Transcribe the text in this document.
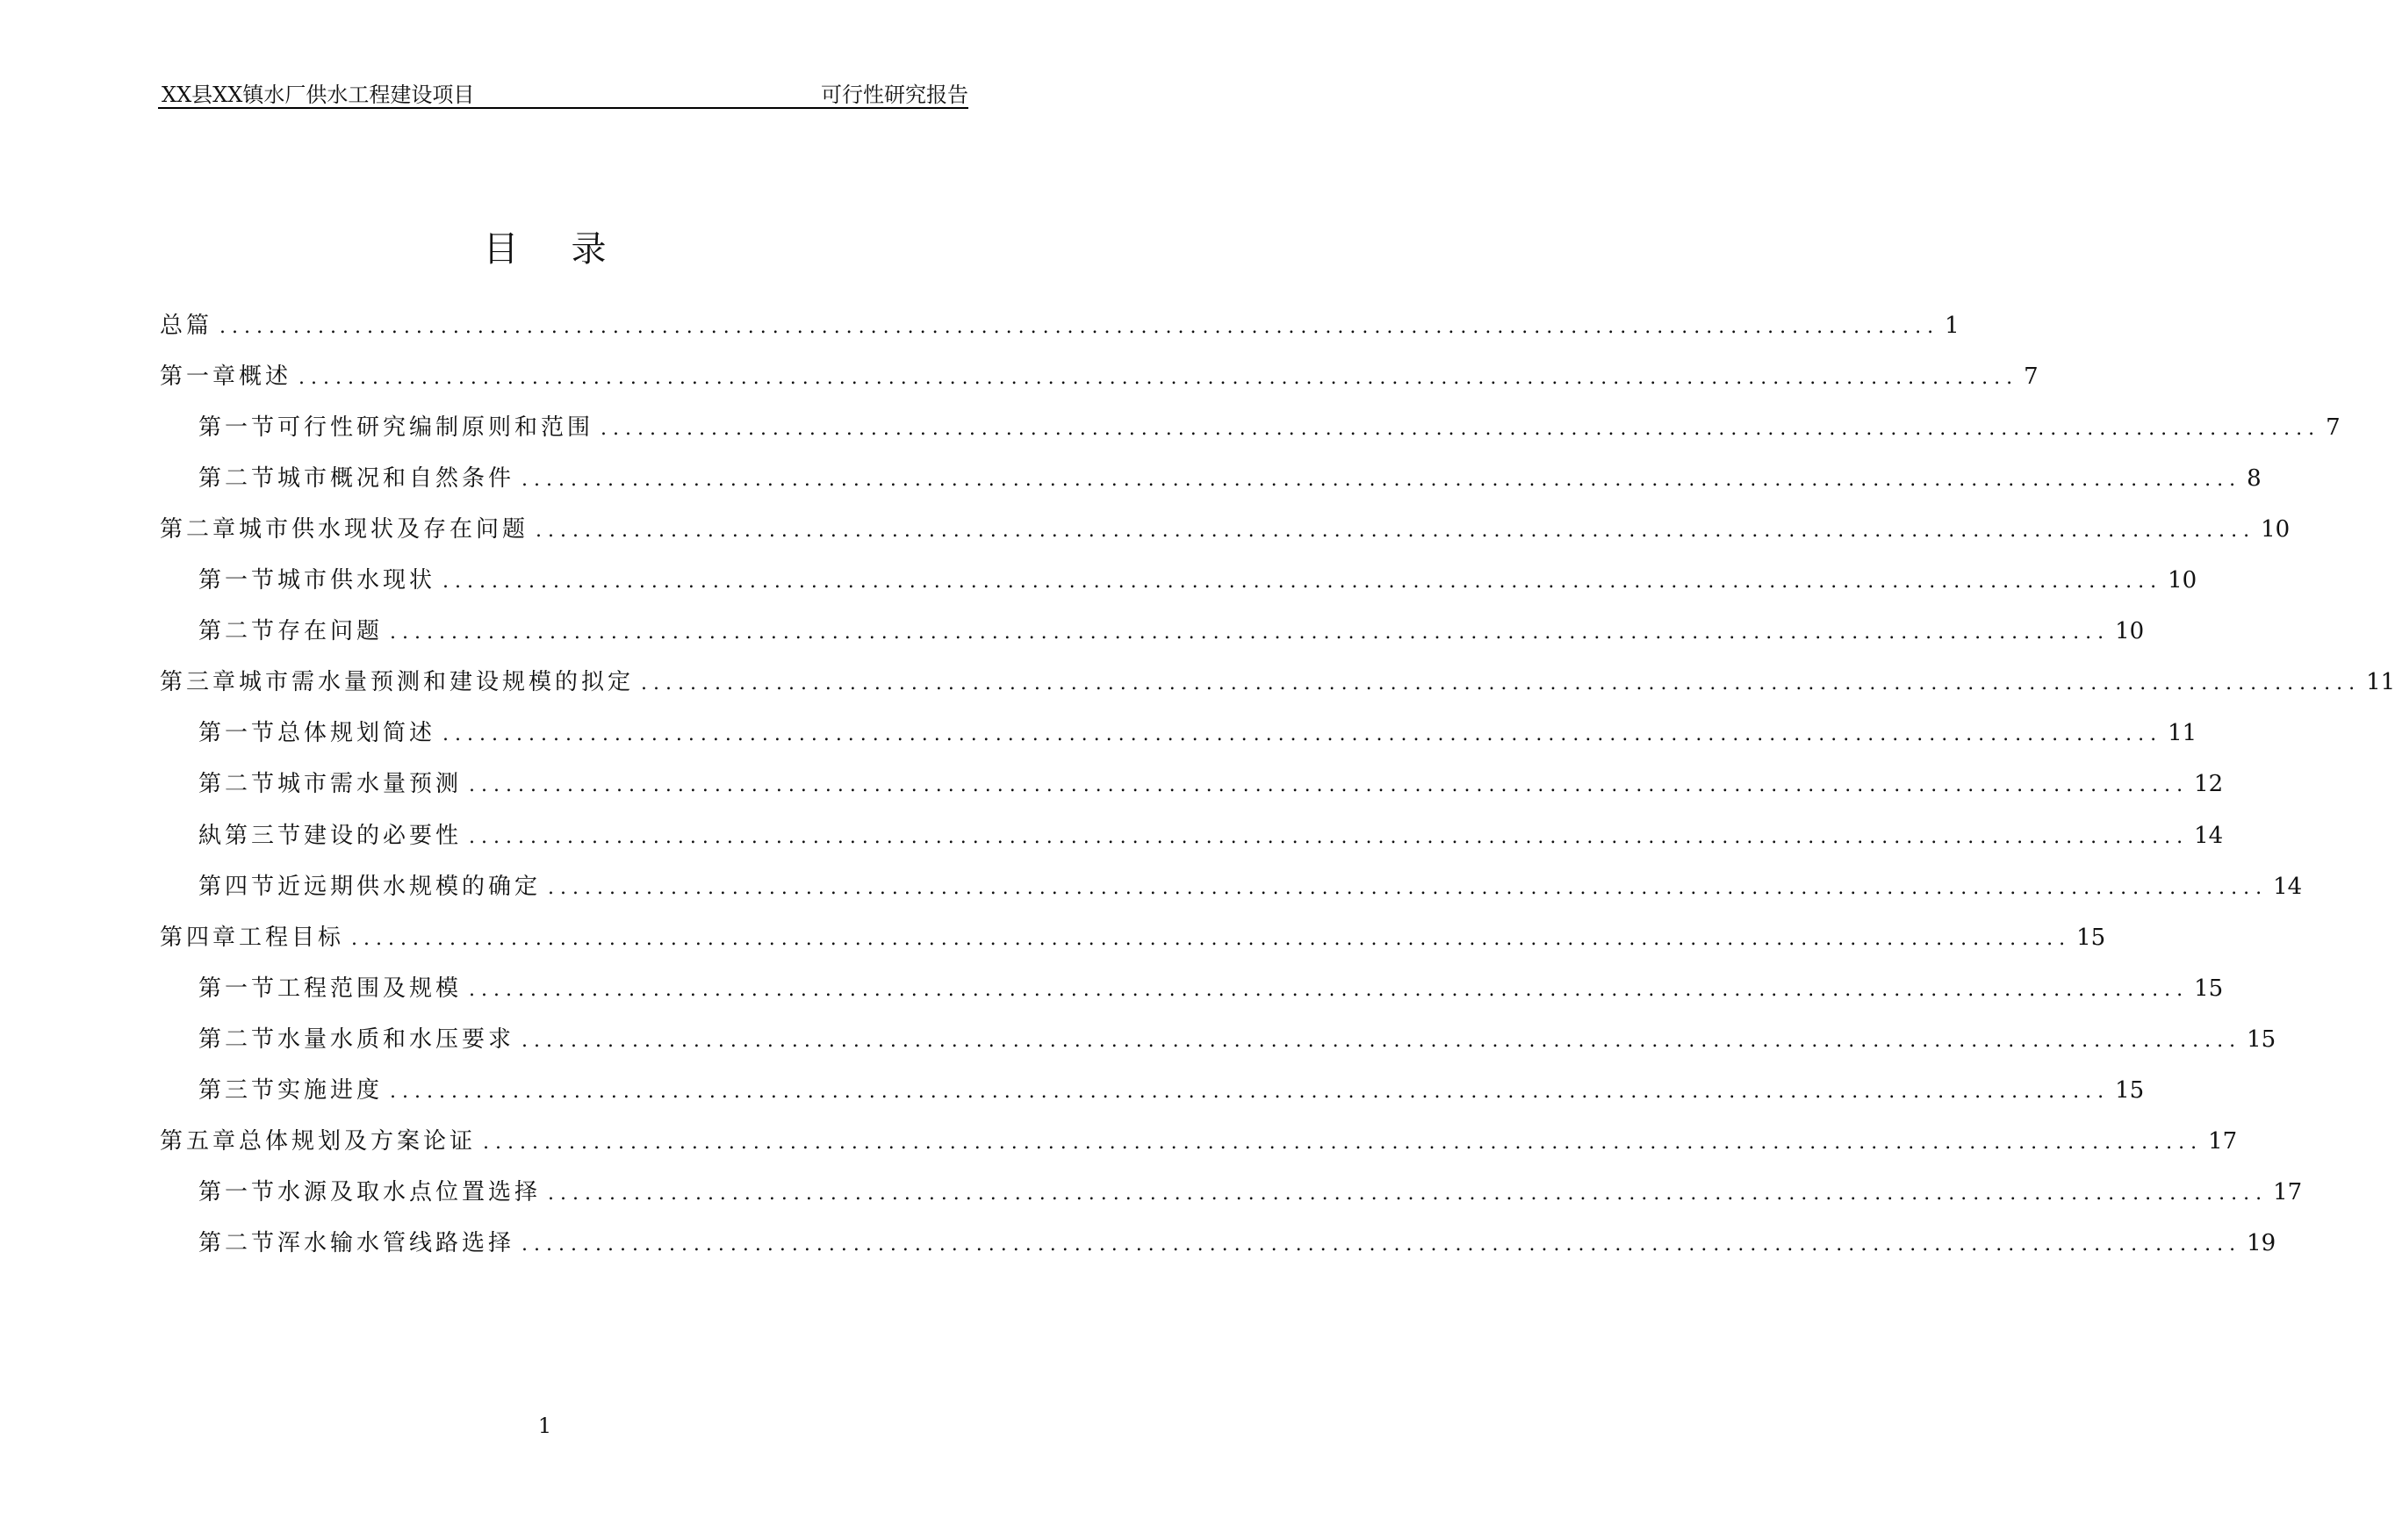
XX县XX镇水厂供水工程建设项目	可行性研究报告
目录
总 篇 ............................................................................................................................................ 1
第一章 概述 ............................................................................................................................................ 7
第一节 可行性研究编制原则和范围 ............................................................................................................................................ 7
第二节 城市概况和自然条件 ............................................................................................................................................ 8
第二章 城市供水现状及存在问题 ............................................................................................................................................ 10
第一节 城市供水现状 ............................................................................................................................................ 10
第二节 存在问题 ............................................................................................................................................ 10
第三章 城市需水量预测和建设规模的拟定 ............................................................................................................................................ 11
第一节 总体规划简述 ............................................................................................................................................ 11
第二节 城市需水量预测 ............................................................................................................................................ 12
紈第三节 建设的必要性 ............................................................................................................................................ 14
第四节 近远期供水规模的确定 ............................................................................................................................................ 14
第四章 工程目标 ............................................................................................................................................ 15
第一节 工程范围及规模 ............................................................................................................................................ 15
第二节 水量水质和水压要求 ............................................................................................................................................ 15
第三节 实施进度 ............................................................................................................................................ 15
第五章 总体规划及方案论证 ............................................................................................................................................ 17
第一节 水源及取水点位置选择 ............................................................................................................................................ 17
第二节 浑水输水管线路选择 ............................................................................................................................................ 19
1
